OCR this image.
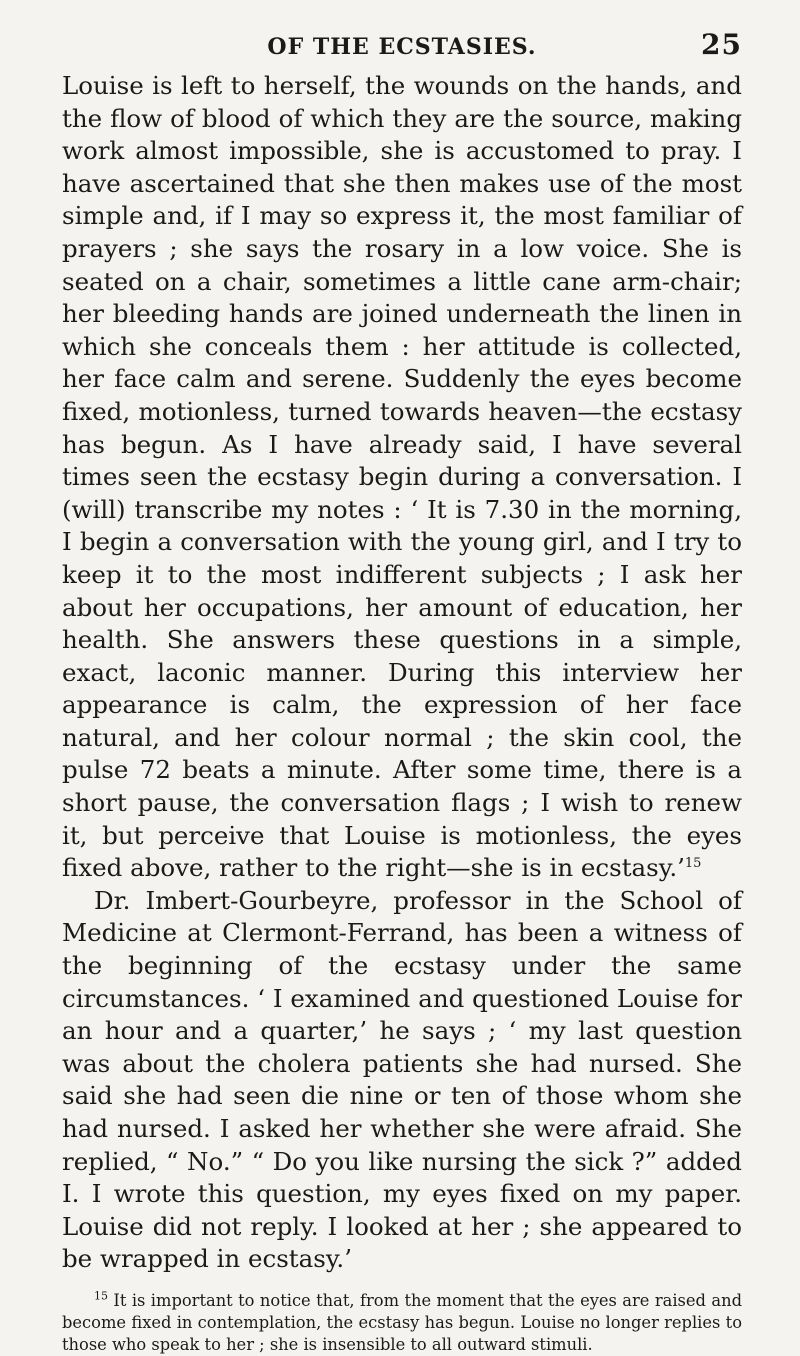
OF THE ECSTASIES.	25

Louise is left to herself, the wounds on the hands, and the flow of blood of which they are the source, making work almost impossible, she is accustomed to pray. I have ascertained that she then makes use of the most simple and, if I may so express it, the most familiar of prayers ; she says the rosary in a low voice. She is seated on a chair, sometimes a little cane arm-chair; her bleeding hands are joined underneath the linen in which she conceals them : her attitude is collected, her face calm and serene. Suddenly the eyes become fixed, motionless, turned towards heaven—the ecstasy has begun. As I have already said, I have several times seen the ecstasy begin during a conversation. I (will) transcribe my notes : ‘ It is 7.30 in the morning, I begin a conversation with the young girl, and I try to keep it to the most indifferent subjects ; I ask her about her occupations, her amount of education, her health. She answers these questions in a simple, exact, laconic manner. During this interview her appearance is calm, the expression of her face natural, and her colour normal ; the skin cool, the pulse 72 beats a minute. After some time, there is a short pause, the conversation flags ; I wish to renew it, but perceive that Louise is motionless, the eyes fixed above, rather to the right—she is in ecstasy.’$^{15}$

Dr. Imbert-Gourbeyre, professor in the School of Medicine at Clermont-Ferrand, has been a witness of the beginning of the ecstasy under the same circumstances. ‘ I examined and questioned Louise for an hour and a quarter,’ he says ; ‘ my last question was about the cholera patients she had nursed. She said she had seen die nine or ten of those whom she had nursed. I asked her whether she were afraid. She replied, “ No.” “ Do you like nursing the sick ?” added I. I wrote this question, my eyes fixed on my paper. Louise did not reply. I looked at her ; she appeared to be wrapped in ecstasy.’

$^{15}$ It is important to notice that, from the moment that the eyes are raised and become fixed in contemplation, the ecstasy has begun. Louise no longer replies to those who speak to her ; she is insensible to all outward stimuli.
